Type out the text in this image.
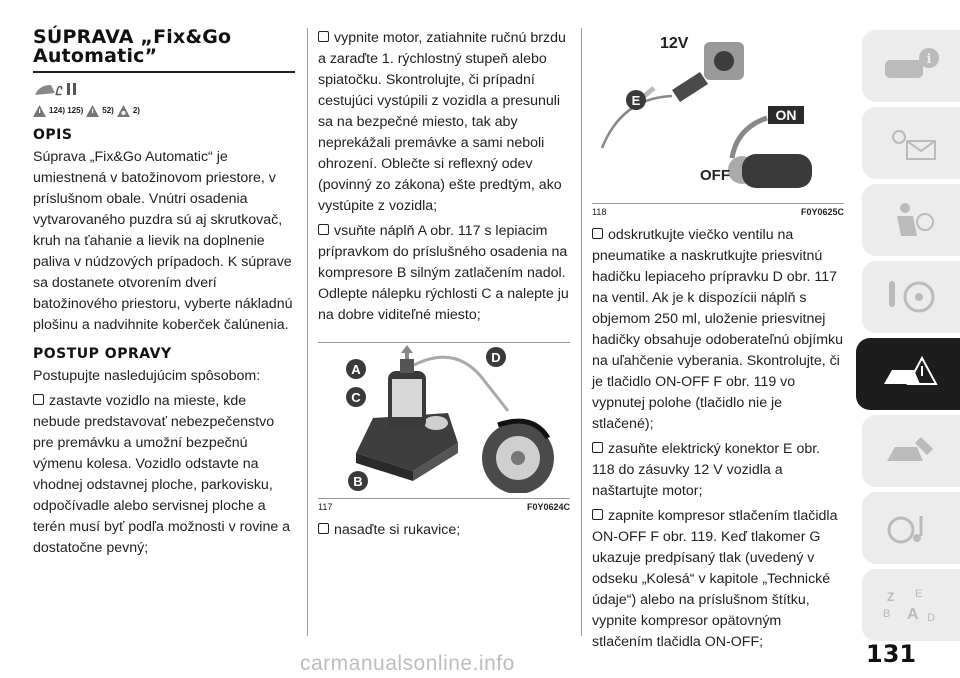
SÚPRAVA „Fix&Go
Automatic”
Ꮭ
124) 125) 52) 2)
OPIS

Súprava „Fix&Go Automatic“ je umiestnená v batožinovom priestore, v príslušnom obale. Vnútri osadenia vytvarovaného puzdra sú aj skrutkovač, kruh na ťahanie a lievik na doplnenie paliva v núdzových prípadoch. K súprave sa dostanete otvorením dverí batožinového priestoru, vyberte nákladnú plošinu a nadvihnite koberček čalúnenia.

POSTUP OPRAVY

Postupujte nasledujúcim spôsobom:

zastavte vozidlo na mieste, kde nebude predstavovať nebezpečenstvo pre premávku a umožní bezpečnú výmenu kolesa. Vozidlo odstavte na vhodnej odstavnej ploche, parkovisku, odpočívadle alebo servisnej ploche a terén musí byť podľa možnosti v rovine a dostatočne pevný;

vypnite motor, zatiahnite ručnú brzdu a zaraďte 1. rýchlostný stupeň alebo spiatočku. Skontrolujte, či prípadní cestujúci vystúpili z vozidla a presunuli sa na bezpečné miesto, tak aby neprekážali premávke a sami neboli ohrození. Oblečte si reflexný odev (povinný zo zákona) ešte predtým, ako vystúpite z vozidla;

vsuňte náplň A obr. 117 s lepiacim prípravkom do príslušného osadenia na kompresore B silným zatlačením nadol. Odlepte nálepku rýchlosti C a nalepte ju na dobre viditeľné miesto;

A
C
B
D
117	F0Y0624C

nasaďte si rukavice;

12V
E
ON
OFF
118	F0Y0625C

odskrutkujte viečko ventilu na pneumatike a naskrutkujte priesvitnú hadičku lepiaceho prípravku D obr. 117 na ventil. Ak je k dispozícii náplň s objemom 250 ml, uloženie priesvitnej hadičky obsahuje odoberateľnú objímku na uľahčenie vyberania. Skontrolujte, či je tlačidlo ON-OFF F obr. 119 vo vypnutej polohe (tlačidlo nie je stlačené);

zasuňte elektrický konektor E obr. 118 do zásuvky 12 V vozidla a naštartujte motor;

zapnite kompresor stlačením tlačidla ON-OFF F obr. 119. Keď tlakomer G ukazuje predpísaný tlak (uvedený v odseku „Kolesá“ v kapitole „Technické údaje“) alebo na príslušnom štítku, vypnite kompresor opätovným stlačením tlačidla ON-OFF;

i
Z E
B A D
131
carmanualsonline.info
